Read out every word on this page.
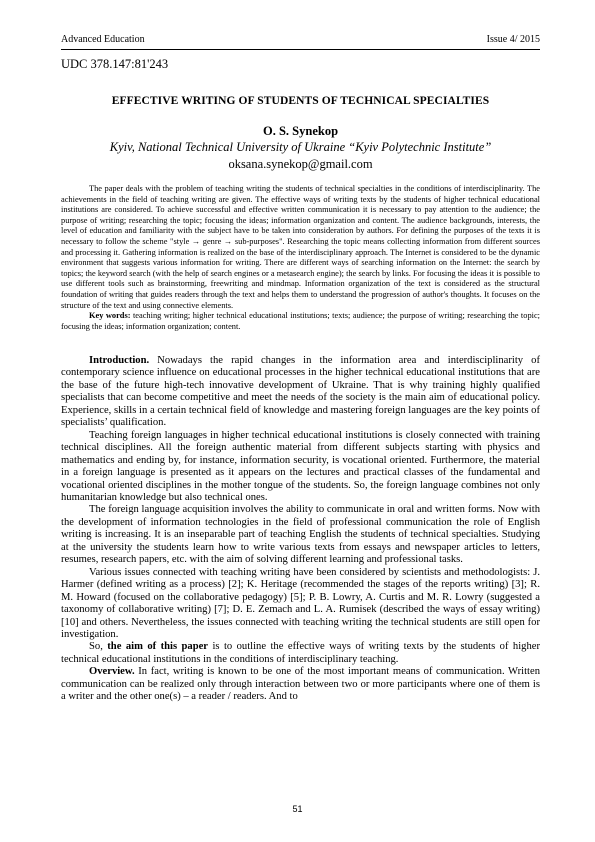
Advanced Education	Issue 4/ 2015
UDC 378.147:81'243
EFFECTIVE WRITING OF STUDENTS OF TECHNICAL SPECIALTIES
O. S. Synekop
Kyiv, National Technical University of Ukraine “Kyiv Polytechnic Institute”
oksana.synekop@gmail.com

The paper deals with the problem of teaching writing the students of technical specialties in the conditions of interdisciplinarity. The achievements in the field of teaching writing are given. The effective ways of writing texts by the students of higher technical educational institutions are considered. To achieve successful and effective written communication it is necessary to pay attention to the audience; the purpose of writing; researching the topic; focusing the ideas; information organization and content. The audience backgrounds, interests, the level of education and familiarity with the subject have to be taken into consideration by authors. For defining the purposes of the texts it is necessary to follow the scheme "style → genre → sub-purposes". Researching the topic means collecting information from different sources and processing it. Gathering information is realized on the base of the interdisciplinary approach. The Internet is considered to be the dynamic environment that suggests various information for writing. There are different ways of searching information on the Internet: the search by topics; the keyword search (with the help of search engines or a metasearch engine); the search by links. For focusing the ideas it is possible to use different tools such as brainstorming, freewriting and mindmap. Information organization of the text is considered as the structural foundation of writing that guides readers through the text and helps them to understand the progression of author's thoughts. It focuses on the structure of the text and using connective elements.

Key words: teaching writing; higher technical educational institutions; texts; audience; the purpose of writing; researching the topic; focusing the ideas; information organization; content.

Introduction. Nowadays the rapid changes in the information area and interdisciplinarity of contemporary science influence on educational processes in the higher technical educational institutions that are the base of the future high-tech innovative development of Ukraine. That is why training highly qualified specialists that can become competitive and meet the needs of the society is the main aim of educational policy. Experience, skills in a certain technical field of knowledge and mastering foreign languages are the key points of specialists’ qualification.

Teaching foreign languages in higher technical educational institutions is closely connected with training technical disciplines. All the foreign authentic material from different subjects starting with physics and mathematics and ending by, for instance, information security, is vocational oriented. Furthermore, the material in a foreign language is presented as it appears on the lectures and practical classes of the fundamental and vocational oriented disciplines in the mother tongue of the students. So, the foreign language combines not only humanitarian knowledge but also technical ones.

The foreign language acquisition involves the ability to communicate in oral and written forms. Now with the development of information technologies in the field of professional communication the role of English writing is increasing. It is an inseparable part of teaching English the students of technical specialties. Studying at the university the students learn how to write various texts from essays and newspaper articles to letters, resumes, research papers, etc. with the aim of solving different learning and professional tasks.

Various issues connected with teaching writing have been considered by scientists and methodologists: J. Harmer (defined writing as a process) [2]; K. Heritage (recommended the stages of the reports writing) [3]; R. M. Howard (focused on the collaborative pedagogy) [5]; P. B. Lowry, A. Curtis and M. R. Lowry (suggested a taxonomy of collaborative writing) [7]; D. E. Zemach and L. A. Rumisek (described the ways of essay writing) [10] and others. Nevertheless, the issues connected with teaching writing the technical students are still open for investigation.

So, the aim of this paper is to outline the effective ways of writing texts by the students of higher technical educational institutions in the conditions of interdisciplinary teaching.

Overview. In fact, writing is known to be one of the most important means of communication. Written communication can be realized only through interaction between two or more participants where one of them is a writer and the other one(s) – a reader / readers. And to

51
